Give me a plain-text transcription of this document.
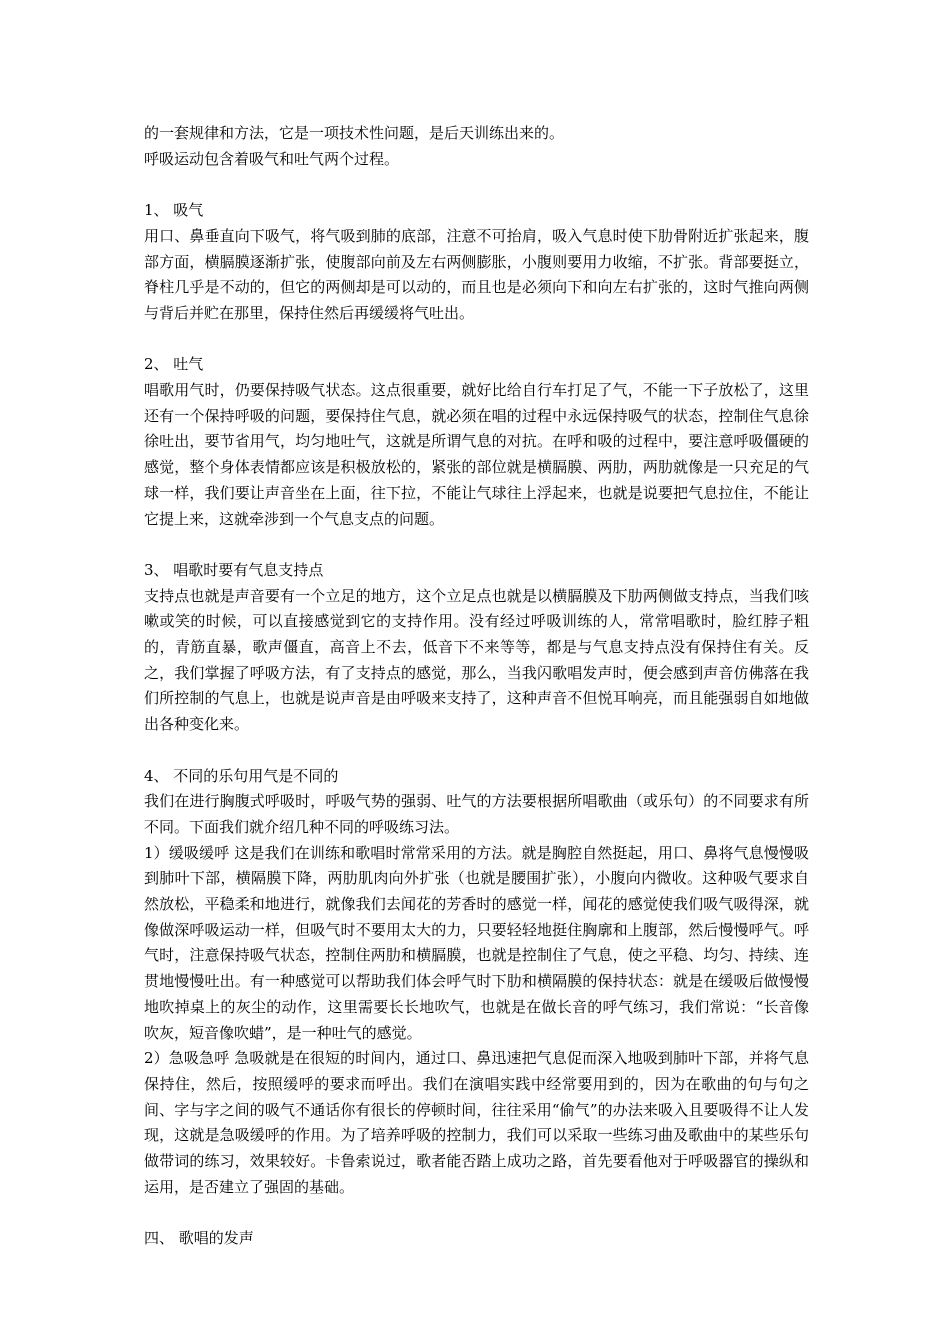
的一套规律和方法，它是一项技术性问题，是后天训练出来的。

呼吸运动包含着吸气和吐气两个过程。

1、 吸气

用口、鼻垂直向下吸气，将气吸到肺的底部，注意不可抬肩，吸入气息时使下肋骨附近扩张起来，腹部方面，横膈膜逐渐扩张，使腹部向前及左右两侧膨胀，小腹则要用力收缩，不扩张。背部要挺立，脊柱几乎是不动的，但它的两侧却是可以动的，而且也是必须向下和向左右扩张的，这时气推向两侧与背后并贮在那里，保持住然后再缓缓将气吐出。

2、 吐气

唱歌用气时，仍要保持吸气状态。这点很重要，就好比给自行车打足了气，不能一下子放松了，这里还有一个保持呼吸的问题，要保持住气息，就必须在唱的过程中永远保持吸气的状态，控制住气息徐徐吐出，要节省用气，均匀地吐气，这就是所谓气息的对抗。在呼和吸的过程中，要注意呼吸僵硬的感觉，整个身体表情都应该是积极放松的，紧张的部位就是横膈膜、两肋，两肋就像是一只充足的气球一样，我们要让声音坐在上面，往下拉，不能让气球往上浮起来，也就是说要把气息拉住，不能让它提上来，这就牵涉到一个气息支点的问题。

3、 唱歌时要有气息支持点

支持点也就是声音要有一个立足的地方，这个立足点也就是以横膈膜及下肋两侧做支持点，当我们咳嗽或笑的时候，可以直接感觉到它的支持作用。没有经过呼吸训练的人，常常唱歌时，脸红脖子粗的，青筋直暴，歌声僵直，高音上不去，低音下不来等等，都是与气息支持点没有保持住有关。反之，我们掌握了呼吸方法，有了支持点的感觉，那么，当我闪歌唱发声时，便会感到声音仿佛落在我们所控制的气息上，也就是说声音是由呼吸来支持了，这种声音不但悦耳响亮，而且能强弱自如地做出各种变化来。

4、 不同的乐句用气是不同的

我们在进行胸腹式呼吸时，呼吸气势的强弱、吐气的方法要根据所唱歌曲（或乐句）的不同要求有所不同。下面我们就介绍几种不同的呼吸练习法。

1）缓吸缓呼 这是我们在训练和歌唱时常常采用的方法。就是胸腔自然挺起，用口、鼻将气息慢慢吸到肺叶下部，横隔膜下降，两肋肌肉向外扩张（也就是腰围扩张），小腹向内微收。这种吸气要求自然放松，平稳柔和地进行，就像我们去闻花的芳香时的感觉一样，闻花的感觉使我们吸气吸得深，就像做深呼吸运动一样，但吸气时不要用太大的力，只要轻轻地挺住胸廓和上腹部，然后慢慢呼气。呼气时，注意保持吸气状态，控制住两肋和横膈膜，也就是控制住了气息，使之平稳、均匀、持续、连贯地慢慢吐出。有一种感觉可以帮助我们体会呼气时下肋和横隔膜的保持状态：就是在缓吸后做慢慢地吹掉桌上的灰尘的动作，这里需要长长地吹气，也就是在做长音的呼气练习，我们常说：“长音像吹灰，短音像吹蜡”，是一种吐气的感觉。

2）急吸急呼 急吸就是在很短的时间内，通过口、鼻迅速把气息促而深入地吸到肺叶下部，并将气息保持住，然后，按照缓呼的要求而呼出。我们在演唱实践中经常要用到的，因为在歌曲的句与句之间、字与字之间的吸气不通话你有很长的停顿时间，往往采用“偷气”的办法来吸入且要吸得不让人发现，这就是急吸缓呼的作用。为了培养呼吸的控制力，我们可以采取一些练习曲及歌曲中的某些乐句做带词的练习，效果较好。卡鲁索说过，歌者能否踏上成功之路，首先要看他对于呼吸器官的操纵和运用，是否建立了强固的基础。

四、 歌唱的发声
